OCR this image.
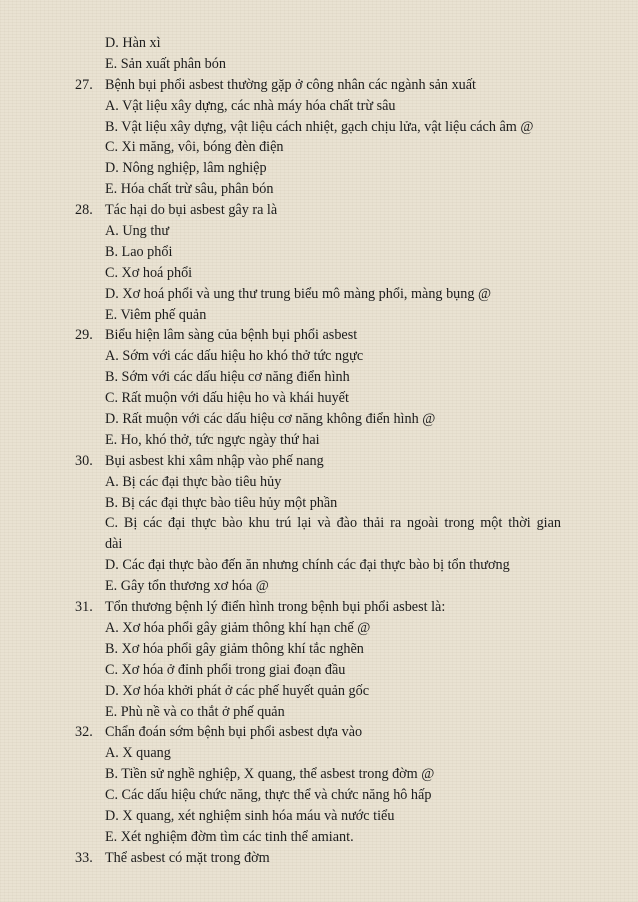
D. Hàn xì
E. Sản xuất phân bón
27. Bệnh bụi phổi asbest thường gặp ở công nhân các ngành sản xuất
A. Vật liệu xây dựng, các nhà máy hóa chất trừ sâu
B. Vật liệu xây dựng, vật liệu cách nhiệt, gạch chịu lửa, vật liệu cách âm @
C. Xi măng, vôi, bóng đèn điện
D. Nông nghiệp, lâm nghiệp
E. Hóa chất trừ sâu, phân bón
28. Tác hại do bụi asbest gây ra là
A. Ung thư
B. Lao phổi
C. Xơ hoá phổi
D. Xơ hoá phổi và ung thư trung biểu mô màng phổi, màng bụng @
E. Viêm phế quản
29. Biểu hiện lâm sàng của bệnh bụi phổi asbest
A. Sớm với các dấu hiệu ho khó thở tức ngực
B. Sớm với các dấu hiệu cơ năng điển hình
C. Rất muộn với dấu hiệu ho và khái huyết
D. Rất muộn với các dấu hiệu cơ năng không điển hình @
E. Ho, khó thở, tức ngực ngày thứ hai
30. Bụi asbest khi xâm nhập vào phế nang
A. Bị các đại thực bào tiêu hủy
B. Bị các đại thực bào tiêu hủy một phần
C. Bị các đại thực bào khu trú lại và đào thải ra ngoài trong một thời gian
dài
D. Các đại thực bào đến ăn nhưng chính các đại thực bào bị tổn thương
E. Gây tổn thương xơ hóa @
31. Tổn thương bệnh lý điển hình trong bệnh bụi phổi asbest là:
A. Xơ hóa phổi gây giảm thông khí hạn chế @
B. Xơ hóa phổi gây giảm thông khí tắc nghẽn
C. Xơ hóa ở đỉnh phổi trong giai đoạn đầu
D. Xơ hóa khởi phát ở các phế huyết quản gốc
E. Phù nề và co thắt ở phế quản
32. Chẩn đoán sớm bệnh bụi phổi asbest dựa vào
A. X quang
B. Tiền sử nghề nghiệp, X quang, thể asbest trong đờm @
C. Các dấu hiệu chức năng, thực thể và chức năng hô hấp
D. X quang, xét nghiệm sinh hóa máu và nước tiểu
E. Xét nghiệm đờm tìm các tinh thể amiant.
33. Thể asbest có mặt trong đờm
